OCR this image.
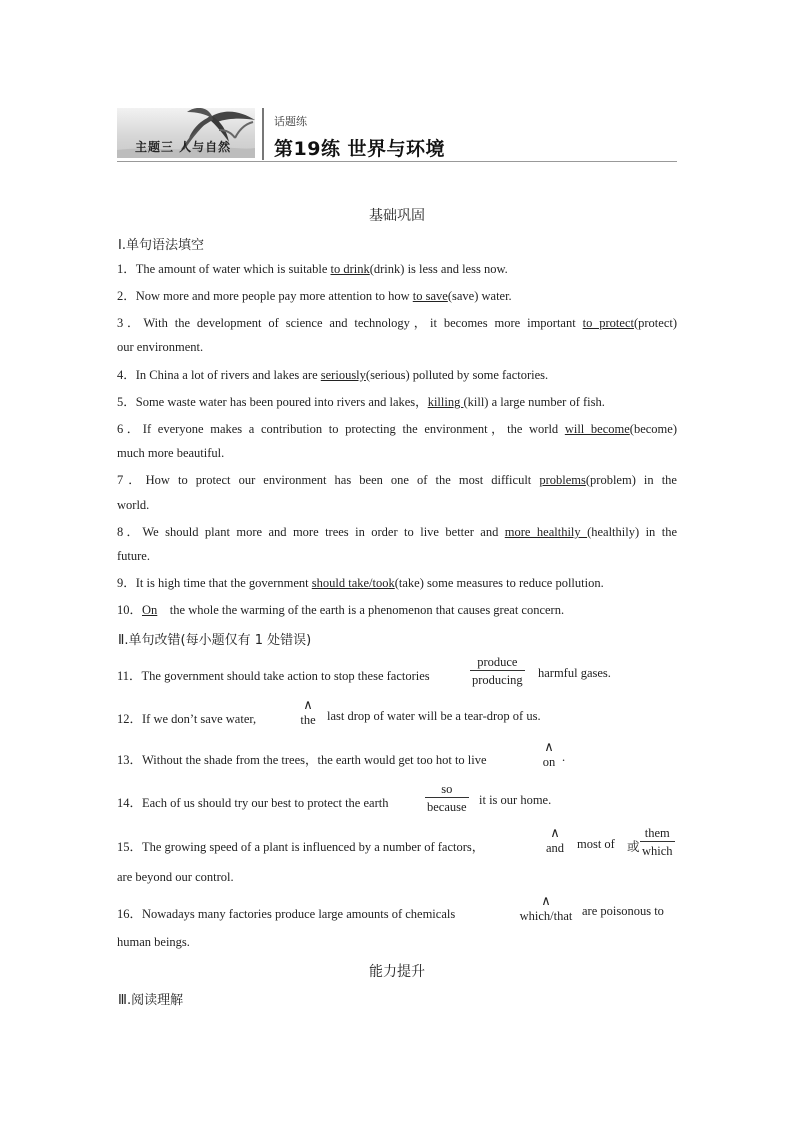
主题三 人与自然
话题练
第19练 世界与环境
基础巩固
Ⅰ.单句语法填空
1．The amount of water which is suitable to drink(drink) is less and less now.
2．Now more and more people pay more attention to how to save(save) water.
3．With the development of science and technology，it becomes more important to protect(protect)
our environment.
4．In China a lot of rivers and lakes are seriously(serious) polluted by some factories.
5．Some waste water has been poured into rivers and lakes，killing (kill) a large number of fish.
6．If everyone makes a contribution to protecting the environment，the world will become(become)
much more beautiful.
7．How to protect our environment has been one of the most difficult problems(problem) in the
world.
8．We should plant more and more trees in order to live better and more healthily (healthily) in the
future.
9．It is high time that the government should take/took(take) some measures to reduce pollution.
10．On    the whole the warming of the earth is a phenomenon that causes great concern.
Ⅱ.单句改错(每小题仅有 1 处错误)
11．The government should take action to stop these factories
produce
producing harmful gases.
12．If we don’t save water,
∧
the last drop of water will be a tear-drop of us.
13．Without the shade from the trees，the earth would get too hot to live
∧
on .
14．Each of us should try our best to protect the earth
so
because it is our home.
15．The growing speed of a plant is influenced by a number of factors，
∧
and	most of 或
them
which
are beyond our control.
16．Nowadays many factories produce large amounts of chemicals
∧
which/that are poisonous to
human beings.
能力提升
Ⅲ.阅读理解
